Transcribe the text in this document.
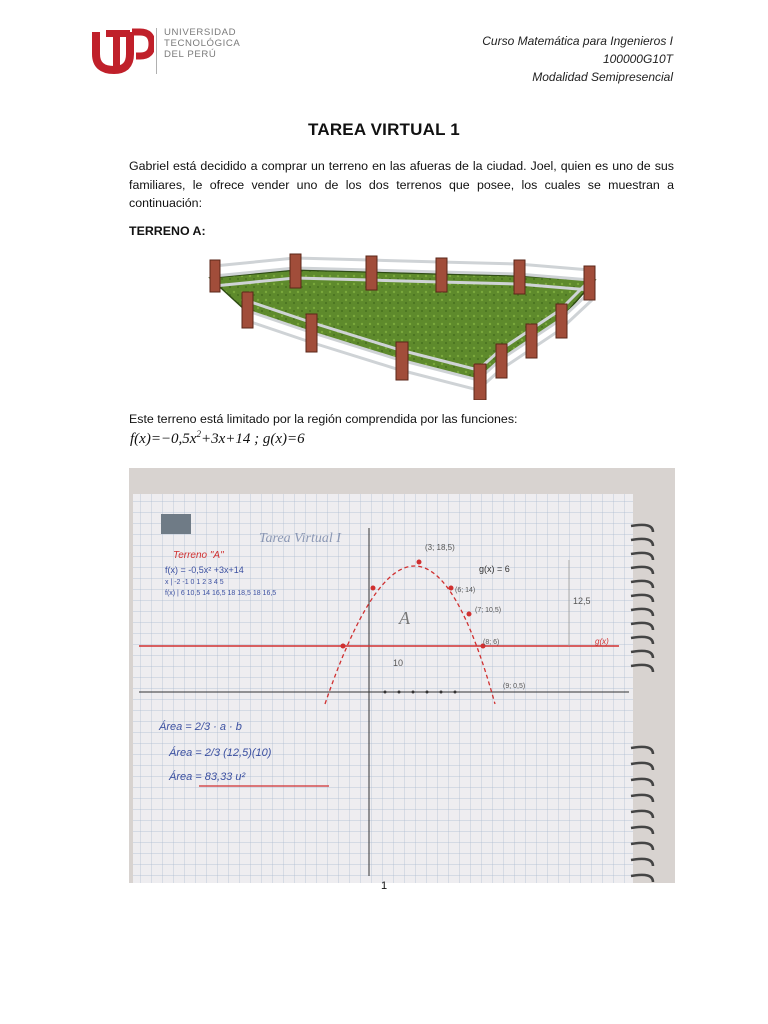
UNIVERSIDAD
TECNOLÓGICA
DEL PERÚ
Curso Matemática para Ingenieros I
100000G10T
Modalidad Semipresencial
TAREA VIRTUAL 1
Gabriel está decidido a comprar un terreno en las afueras de la ciudad. Joel, quien es uno de sus familiares, le ofrece vender uno de los dos terrenos que posee, los cuales se muestran a continuación:
TERRENO A:
Este terreno está limitado por la región comprendida por las funciones:
$f(x)=-0,5x^2+3x+14$ ; g(x)=6
Tarea Virtual I
Terreno "A"
f(x) = -0,5x² +3x+14
x | -2 -1 0 1 2 3 4 5
f(x) | 6 10,5 14 16,5 18 18,5 18 16,5
(3; 18,5)
g(x) = 6
(6; 14)
(7; 10,5)
(8; 6)
(9; 0,5)
A
12,5
10
g(x)
Área = 2/3 · a · b
Área = 2/3 (12,5)(10)
Área = 83,33 u²
1
